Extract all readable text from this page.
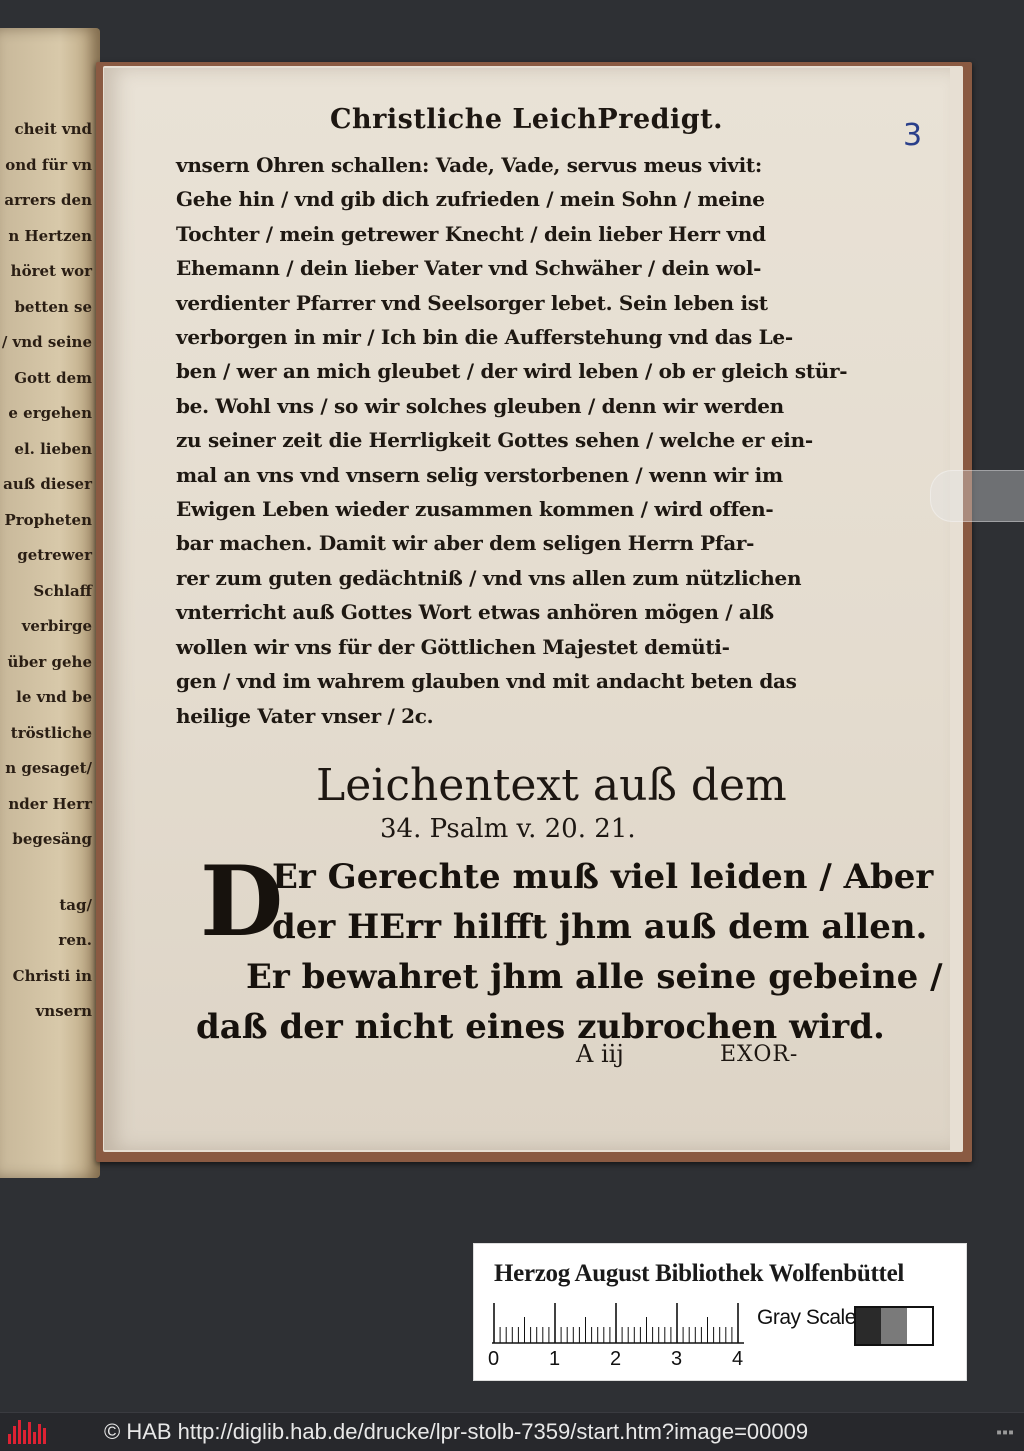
cheit vnd
ond für vn
arrers den
n Hertzen
höret wor
betten se
/ vnd seine
Gott dem
e ergehen
el. lieben
auß dieser
Propheten
getrewer
Schlaff
verbirge
über gehe
le vnd be
tröstliche
n gesaget/
nder Herr
begesäng
tag/
ren.
Christi in
vnsern
3
Christliche LeichPredigt.
vnsern Ohren schallen: Vade, Vade, servus meus vivit:
Gehe hin / vnd gib dich zufrieden / mein Sohn / meine
Tochter / mein getrewer Knecht / dein lieber Herr vnd
Ehemann / dein lieber Vater vnd Schwäher / dein wol-
verdienter Pfarrer vnd Seelsorger lebet. Sein leben ist
verborgen in mir / Ich bin die Aufferstehung vnd das Le-
ben / wer an mich gleubet / der wird leben / ob er gleich stür-
be. Wohl vns / so wir solches gleuben / denn wir werden
zu seiner zeit die Herrligkeit Gottes sehen / welche er ein-
mal an vns vnd vnsern selig verstorbenen / wenn wir im
Ewigen Leben wieder zusammen kommen / wird offen-
bar machen. Damit wir aber dem seligen Herrn Pfar-
rer zum guten gedächtniß / vnd vns allen zum nützlichen
vnterricht auß Gottes Wort etwas anhören mögen / alß
wollen wir vns für der Göttlichen Majestet demüti-
gen / vnd im wahrem glauben vnd mit andacht beten das
heilige Vater vnser / 2c.
Leichentext auß dem
34. Psalm v. 20. 21.
D
Er Gerechte muß viel leiden / Aber
der HErr hilfft jhm auß dem allen.
Er bewahret jhm alle seine gebeine /
daß der nicht eines zubrochen wird.
A iij	EXOR-
Herzog August Bibliothek Wolfenbüttel
0 1 2 3 4
Gray Scale
© HAB http://diglib.hab.de/drucke/lpr-stolb-7359/start.htm?image=00009	▪▪▪
